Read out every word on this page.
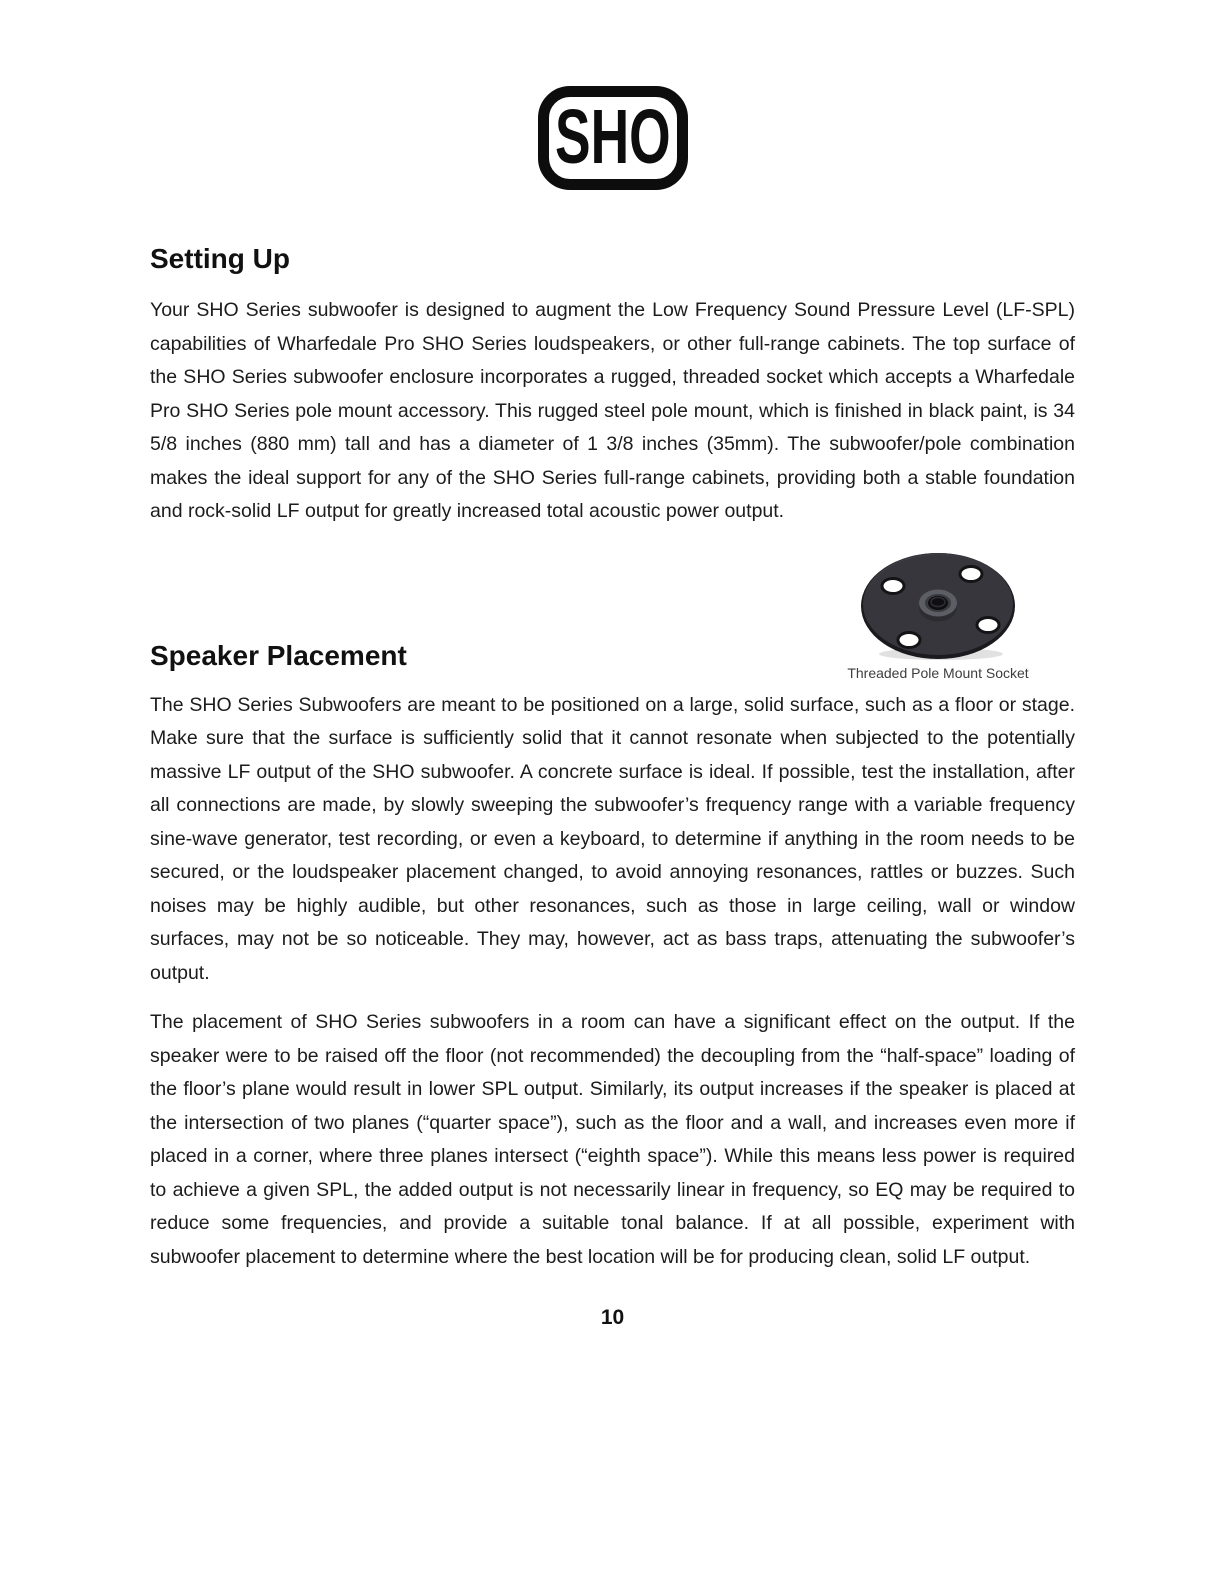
SHO
Setting Up

Your SHO Series subwoofer is designed to augment the Low Frequency Sound Pressure Level (LF-SPL) capabilities of Wharfedale Pro SHO Series loudspeakers, or other full-range cabinets. The top surface of the SHO Series subwoofer enclosure incorporates a rugged, threaded socket which accepts a Wharfedale Pro SHO Series pole mount accessory. This rugged steel pole mount, which is finished in black paint, is 34 5/8 inches (880 mm) tall and has a diameter of 1 3/8 inches (35mm). The subwoofer/pole combination makes the ideal support for any of the SHO Series full-range cabinets, providing both a stable foundation and rock-solid LF output for greatly increased total acoustic power output.

Speaker Placement

The SHO Series Subwoofers are meant to be positioned on a large, solid surface, such as a floor or stage. Make sure that the surface is sufficiently solid that it cannot resonate when subjected to the potentially massive LF output of the SHO subwoofer. A concrete surface is ideal. If possible, test the installation, after all connections are made, by slowly sweeping the subwoofer’s frequency range with a variable frequency sine-wave generator, test recording, or even a keyboard, to determine if anything in the room needs to be secured, or the loudspeaker placement changed, to avoid annoying resonances, rattles or buzzes. Such noises may be highly audible, but other resonances, such as those in large ceiling, wall or window surfaces, may not be so noticeable. They may, however, act as bass traps, attenuating the subwoofer’s output.

The placement of SHO Series subwoofers in a room can have a significant effect on the output. If the speaker were to be raised off the floor (not recommended) the decoupling from the “half-space” loading of the floor’s plane would result in lower SPL output. Similarly, its output increases if the speaker is placed at the intersection of two planes (“quarter space”), such as the floor and a wall, and increases even more if placed in a corner, where three planes intersect (“eighth space”). While this means less power is required to achieve a given SPL, the added output is not necessarily linear in frequency, so EQ may be required to reduce some frequencies, and provide a suitable tonal balance. If at all possible, experiment with subwoofer placement to determine where the best location will be for producing clean, solid LF output.

10
Threaded Pole Mount Socket
